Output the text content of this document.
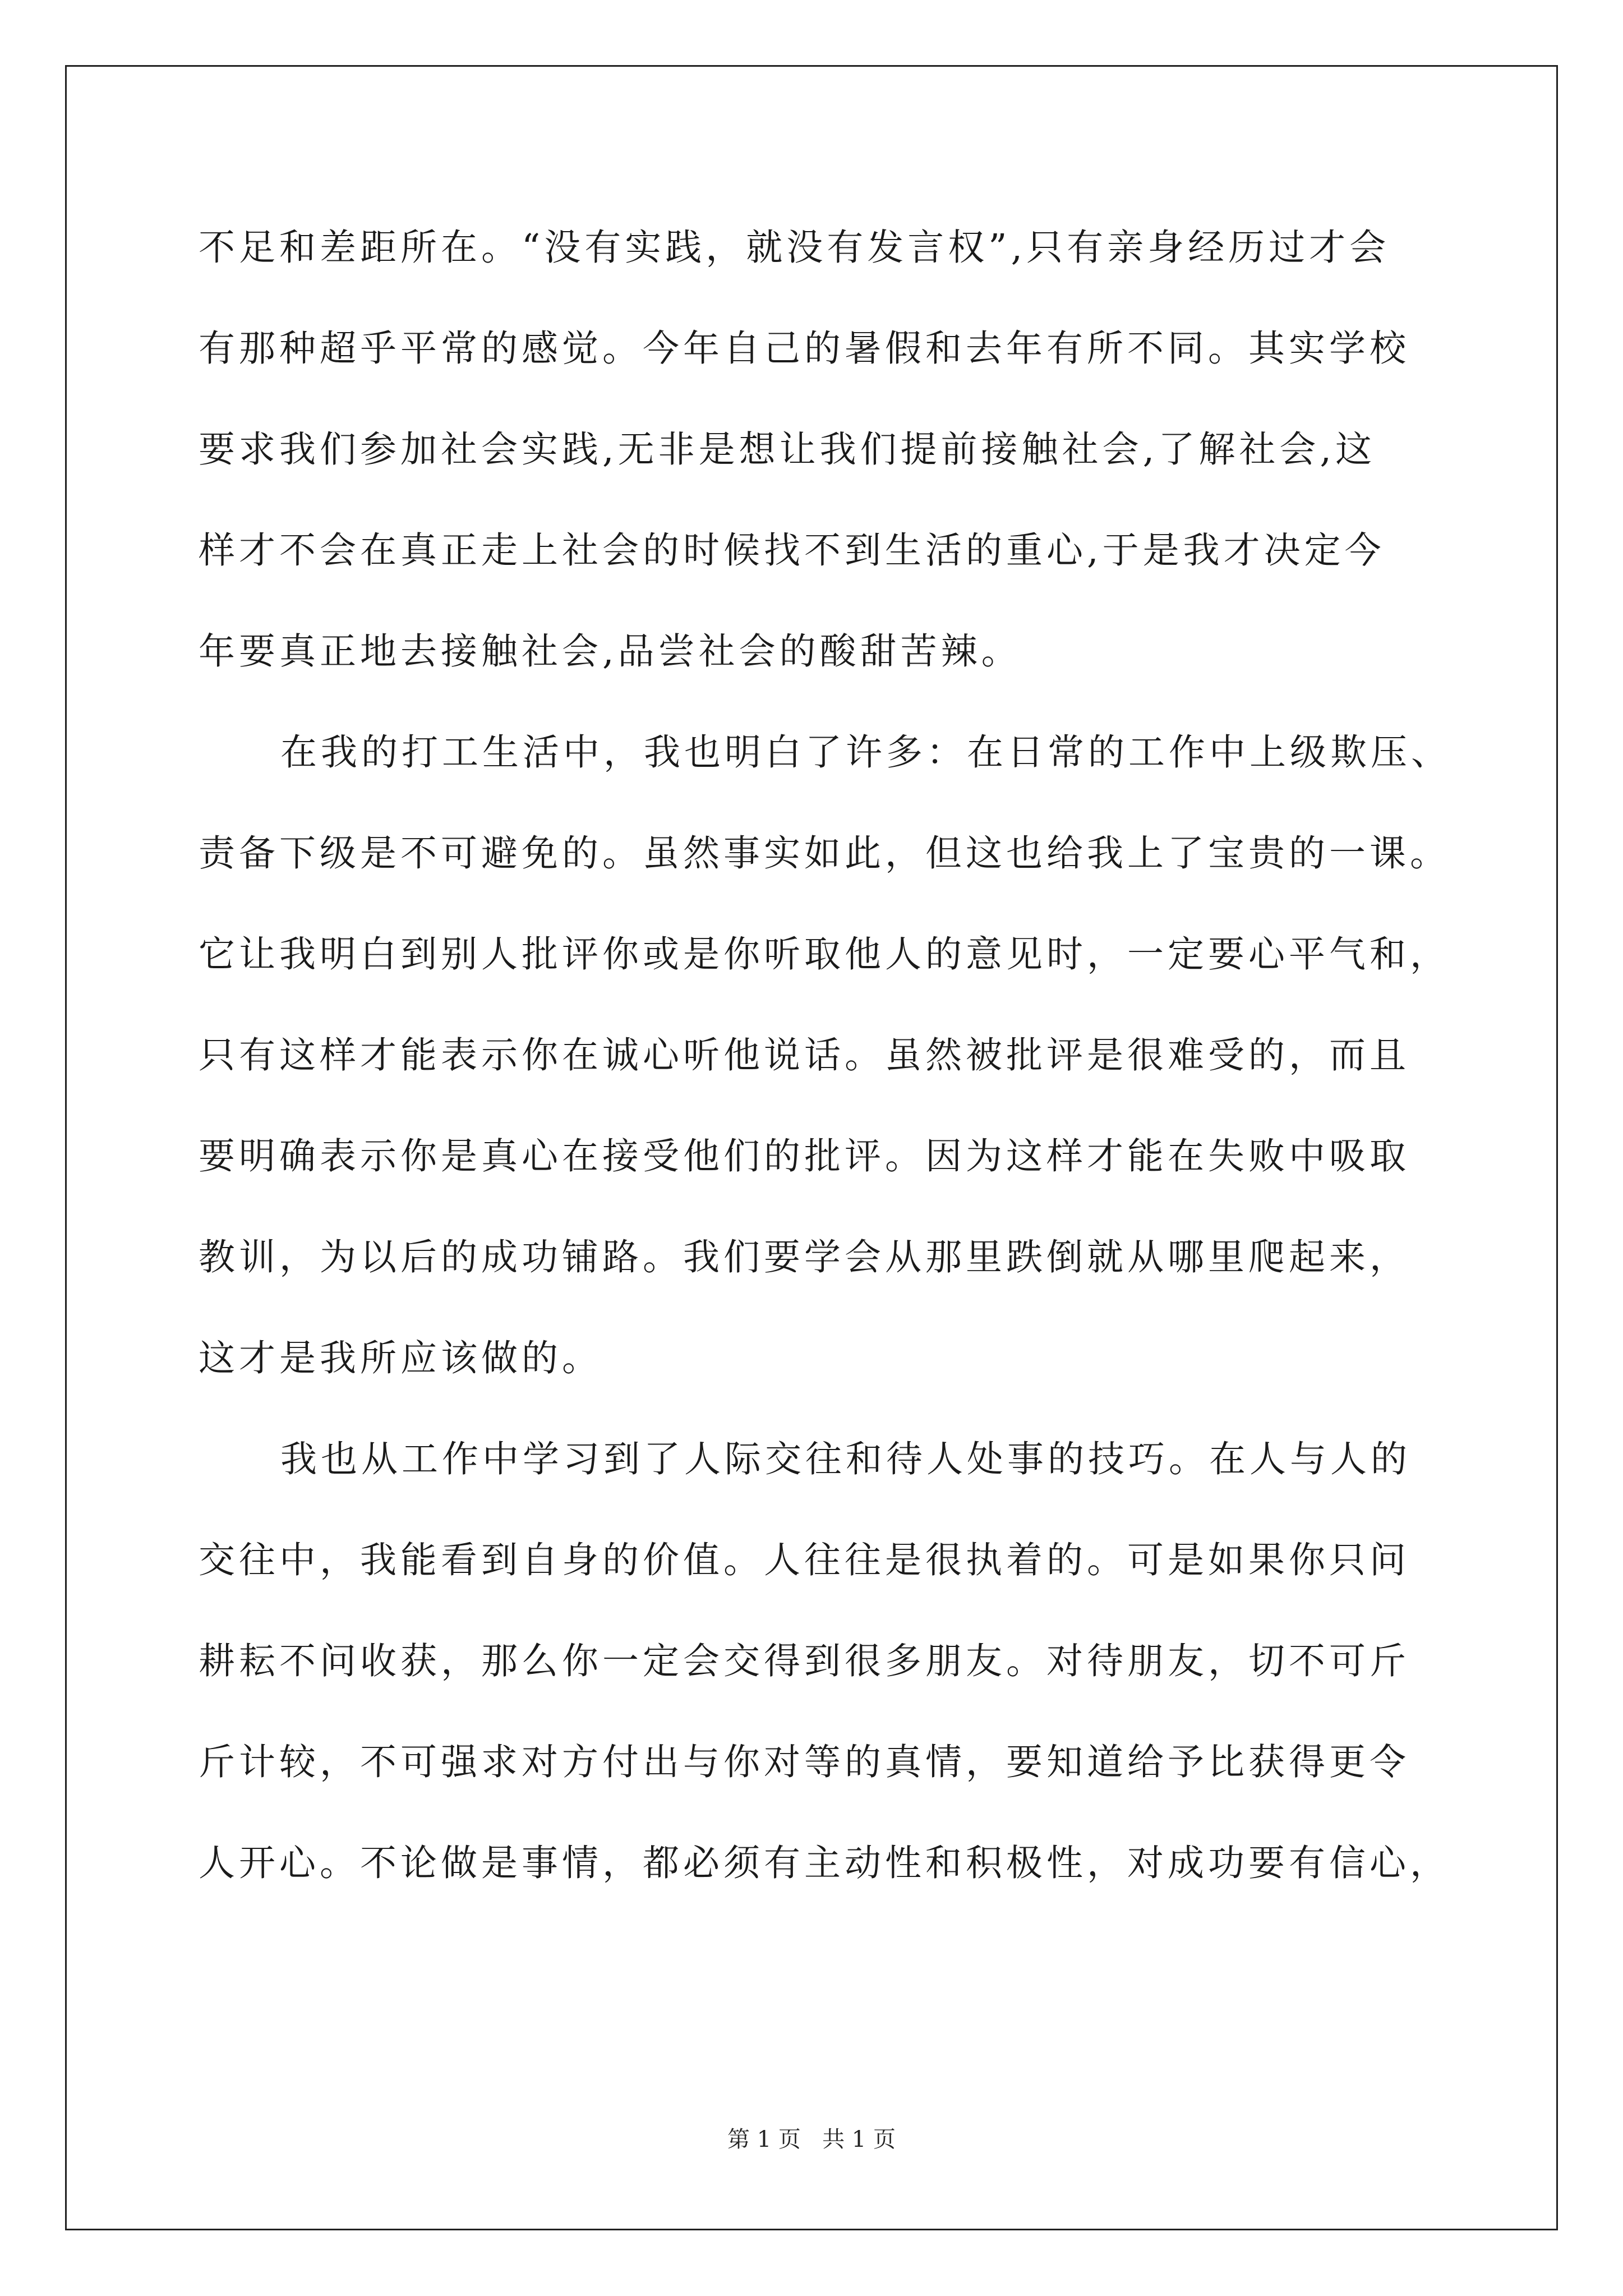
不足和差距所在。“没有实践，就没有发言权”,只有亲身经历过才会
有那种超乎平常的感觉。今年自己的暑假和去年有所不同。其实学校
要求我们参加社会实践,无非是想让我们提前接触社会,了解社会,这
样才不会在真正走上社会的时候找不到生活的重心,于是我才决定今
年要真正地去接触社会,品尝社会的酸甜苦辣。
在我的打工生活中，我也明白了许多：在日常的工作中上级欺压、
责备下级是不可避免的。虽然事实如此，但这也给我上了宝贵的一课。
它让我明白到别人批评你或是你听取他人的意见时，一定要心平气和，
只有这样才能表示你在诚心听他说话。虽然被批评是很难受的，而且
要明确表示你是真心在接受他们的批评。因为这样才能在失败中吸取
教训，为以后的成功铺路。我们要学会从那里跌倒就从哪里爬起来，
这才是我所应该做的。
我也从工作中学习到了人际交往和待人处事的技巧。在人与人的
交往中，我能看到自身的价值。人往往是很执着的。可是如果你只问
耕耘不问收获，那么你一定会交得到很多朋友。对待朋友，切不可斤
斤计较，不可强求对方付出与你对等的真情，要知道给予比获得更令
人开心。不论做是事情，都必须有主动性和积极性，对成功要有信心，
第 1 页   共 1 页
